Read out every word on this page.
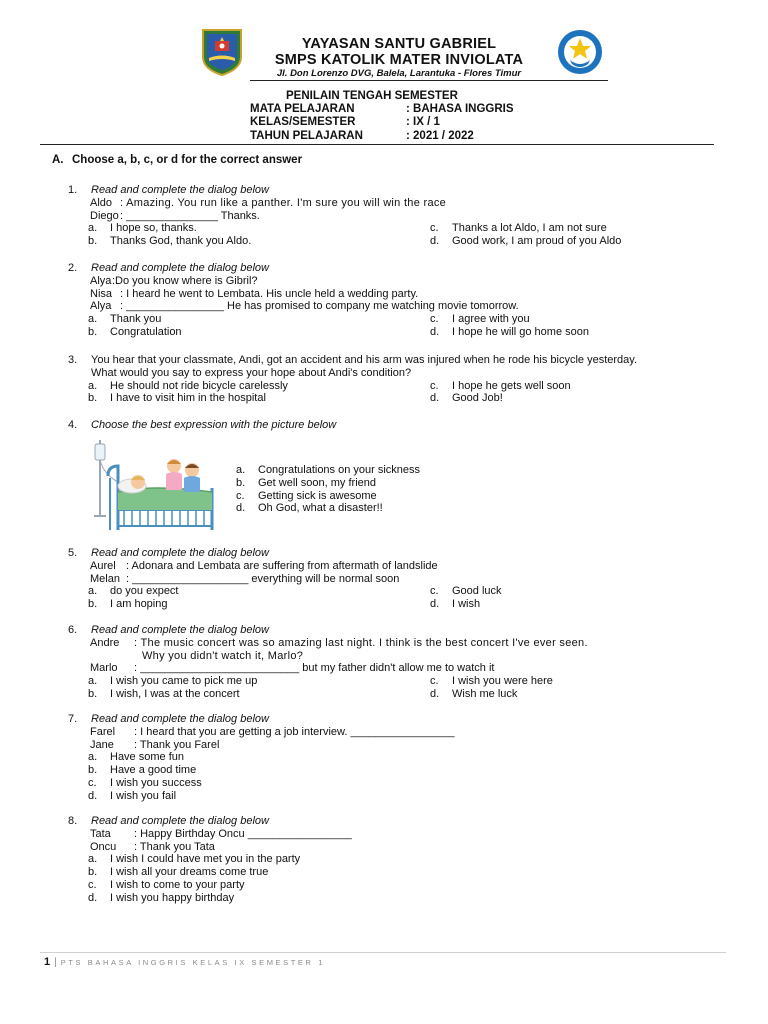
YAYASAN SANTU GABRIEL
SMPS KATOLIK MATER INVIOLATA
Jl. Don Lorenzo DVG, Balela, Larantuka - Flores Timur
PENILAIN TENGAH SEMESTER
MATA PELAJARAN	: BAHASA INGGRIS
KELAS/SEMESTER	: IX / 1
TAHUN PELAJARAN	: 2021 / 2022
A. Choose a, b, c, or d for the correct answer
1. Read and complete the dialog below
Aldo : Amazing. You run like a panther. I'm sure you will win the race
Diego : _______________ Thanks.
a. I hope so, thanks.	c. Thanks a lot Aldo, I am not sure
b. Thanks God, thank you Aldo.	d. Good work, I am proud of you Aldo
2. Read and complete the dialog below
Alya :Do you know where is Gibril?
Nisa : I heard he went to Lembata. His uncle held a wedding party.
Alya : ________________ He has promised to company me watching movie tomorrow.
a. Thank you	c. I agree with you
b. Congratulation	d. I hope he will go home soon
3. You hear that your classmate, Andi, got an accident and his arm was injured when he rode his bicycle yesterday.
What would you say to express your hope about Andi's condition?
a. He should not ride bicycle carelessly	c. I hope he gets well soon
b. I have to visit him in the hospital	d. Good Job!
4. Choose the best expression with the picture below
a. Congratulations on your sickness
b. Get well soon, my friend
c. Getting sick is awesome
d. Oh God, what a disaster!!
5. Read and complete the dialog below
Aurel : Adonara and Lembata are suffering from aftermath of landslide
Melan : ___________________ everything will be normal soon
a. do you expect	c. Good luck
b. I am hoping	d. I wish
6. Read and complete the dialog below
Andre : The music concert was so amazing last night. I think is the best concert I've ever seen.
Why you didn't watch it, Marlo?
Marlo : __________________________ but my father didn't allow me to watch it
a. I wish you came to pick me up	c. I wish you were here
b. I wish, I was at the concert	d. Wish me luck
7. Read and complete the dialog below
Farel : I heard that you are getting a job interview. _________________
Jane : Thank you Farel
a. Have some fun
b. Have a good time
c. I wish you success
d. I wish you fail
8. Read and complete the dialog below
Tata : Happy Birthday Oncu _________________
Oncu : Thank you Tata
a. I wish I could have met you in the party
b. I wish all your dreams come true
c. I wish to come to your party
d. I wish you happy birthday
1 | PTS BAHASA INGGRIS KELAS IX SEMESTER 1
